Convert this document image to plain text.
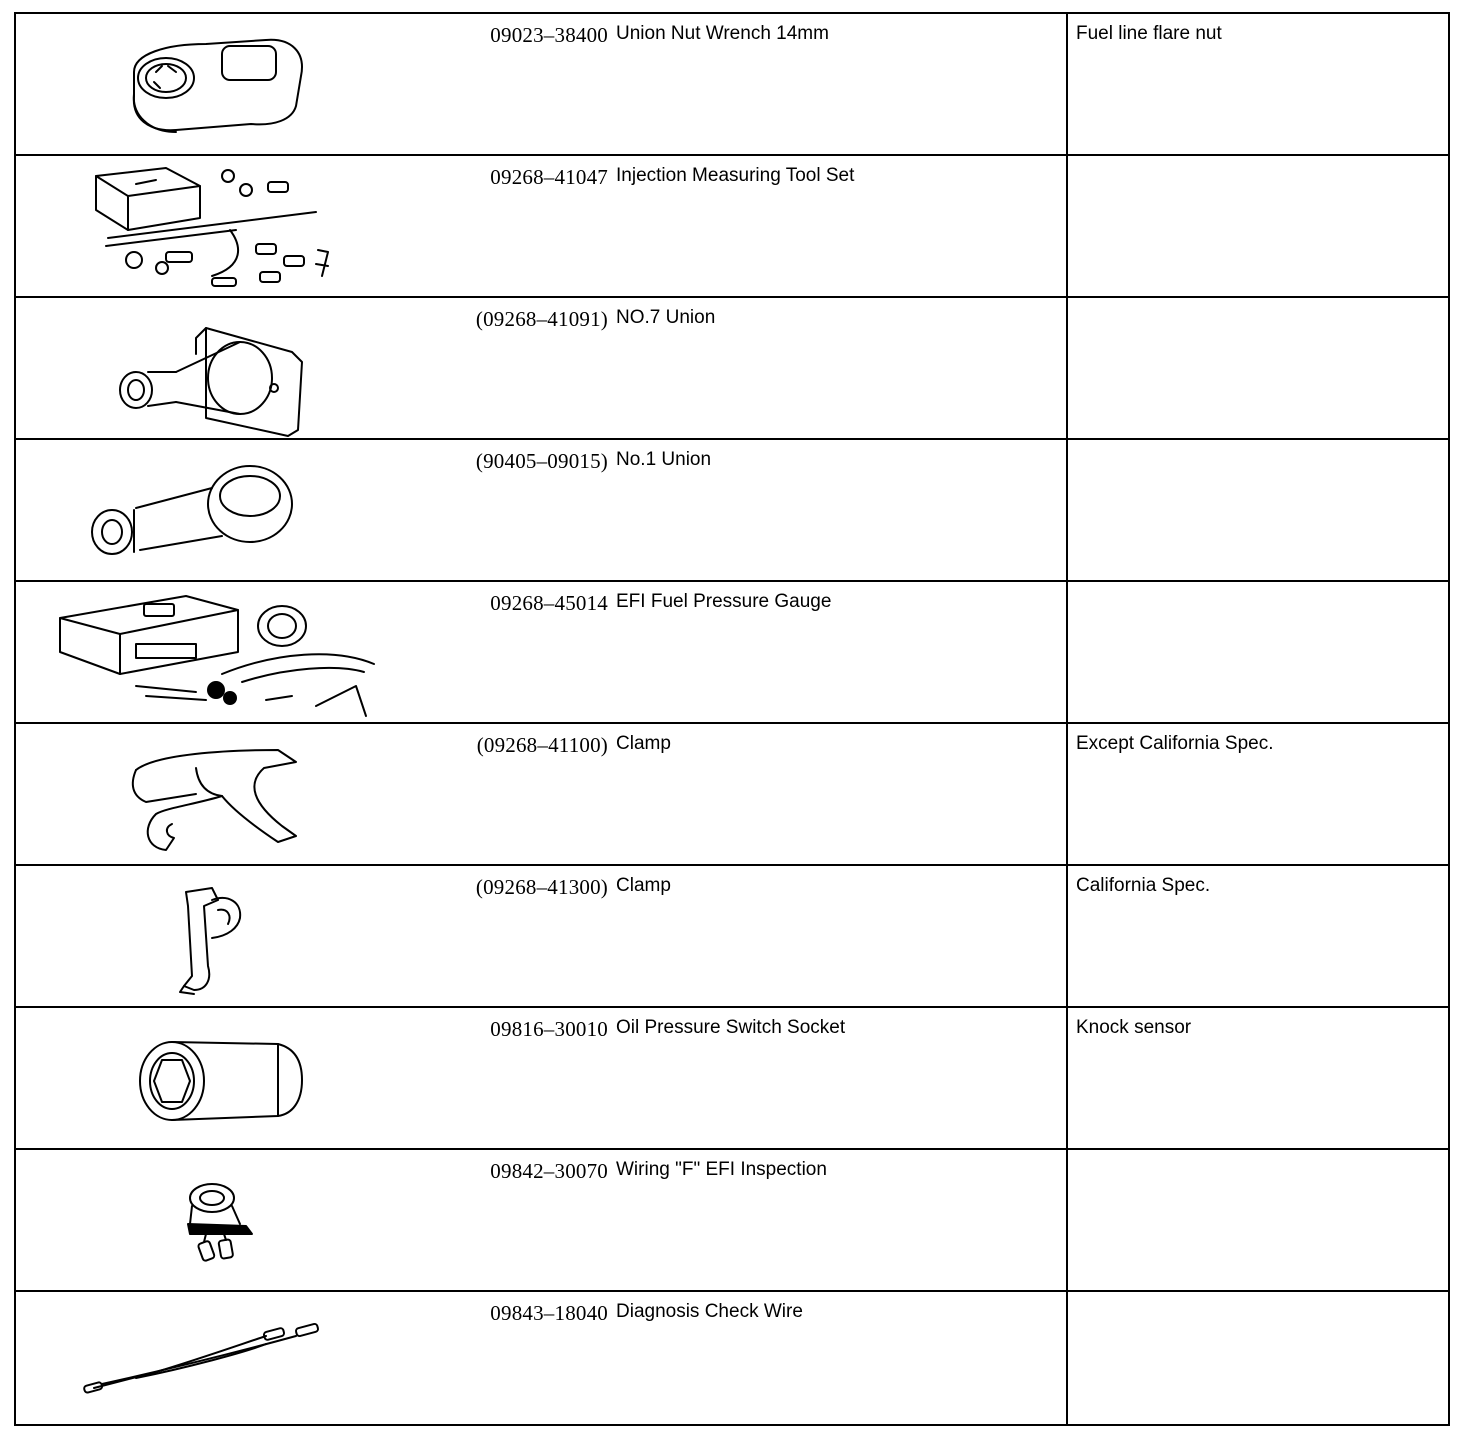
09023–38400 Union Nut Wrench 14mm	Fuel line flare nut
09268–41047 Injection Measuring Tool Set
(09268–41091) NO.7 Union
(90405–09015) No.1 Union
09268–45014 EFI Fuel Pressure Gauge
(09268–41100) Clamp	Except California Spec.
(09268–41300) Clamp	California Spec.
09816–30010 Oil Pressure Switch Socket	Knock sensor
09842–30070 Wiring "F" EFI Inspection
09843–18040 Diagnosis Check Wire
